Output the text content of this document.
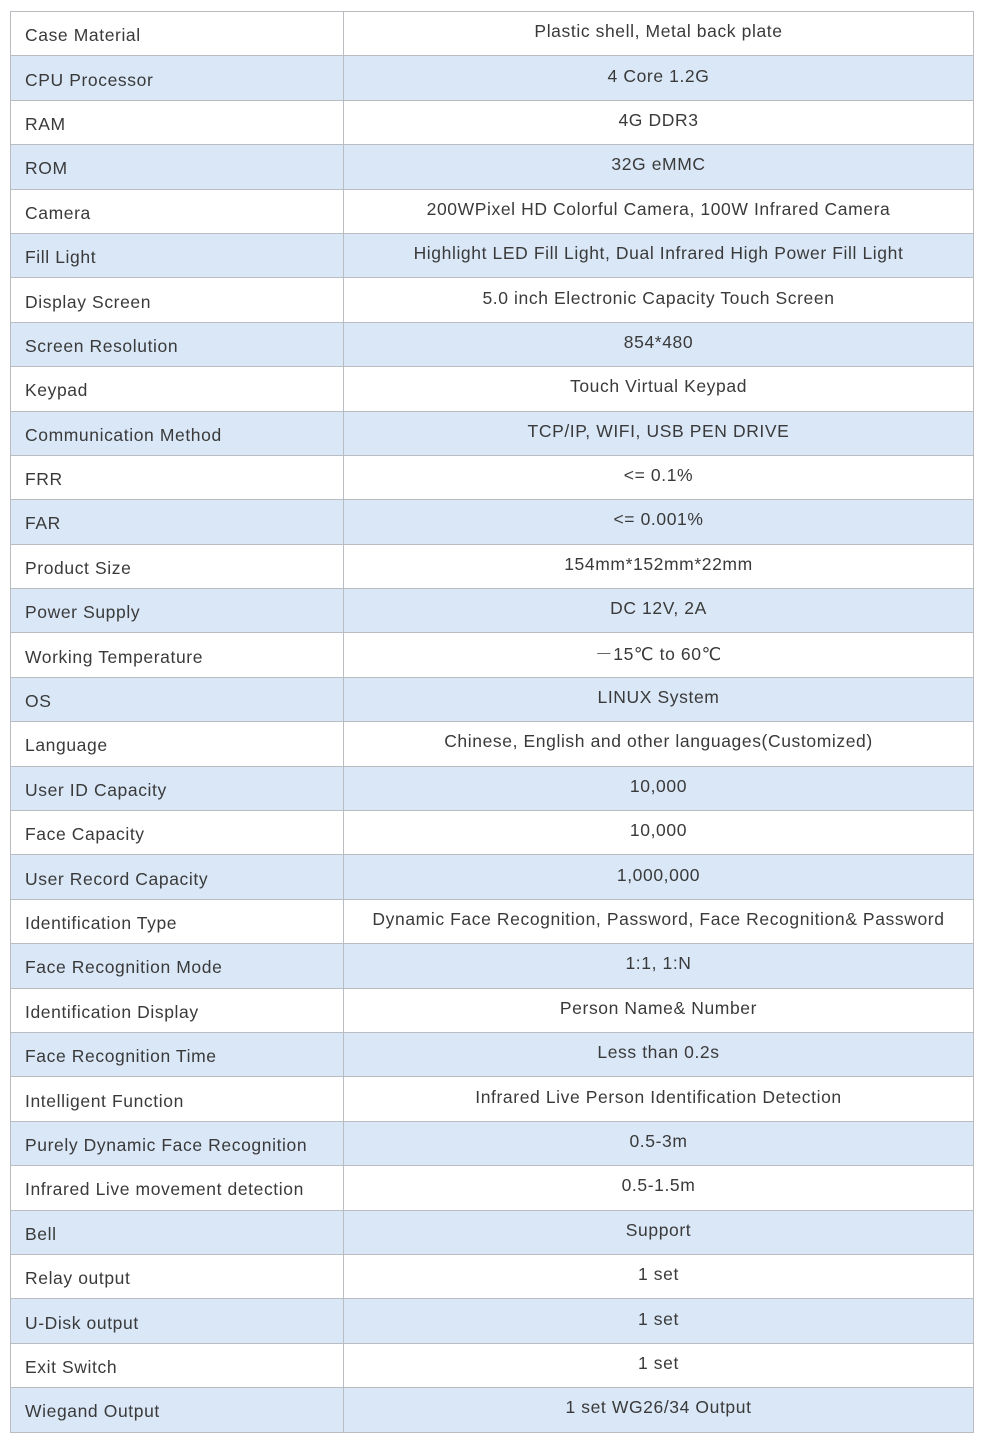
Case Material	Plastic shell, Metal back plate
CPU Processor	4 Core 1.2G
RAM	4G DDR3
ROM	32G eMMC
Camera	200WPixel HD Colorful Camera, 100W Infrared Camera
Fill Light	Highlight LED Fill Light, Dual Infrared High Power Fill Light
Display Screen	5.0 inch Electronic Capacity Touch Screen
Screen Resolution	854*480
Keypad	Touch Virtual Keypad
Communication Method	TCP/IP, WIFI, USB PEN DRIVE
FRR	<= 0.1%
FAR	<= 0.001%
Product Size	154mm*152mm*22mm
Power Supply	DC 12V, 2A
Working Temperature	－15℃ to 60℃
OS	LINUX System
Language	Chinese, English and other languages(Customized)
User ID Capacity	10,000
Face Capacity	10,000
User Record Capacity	1,000,000
Identification Type	Dynamic Face Recognition, Password, Face Recognition& Password
Face Recognition Mode	1:1, 1:N
Identification Display	Person Name& Number
Face Recognition Time	Less than 0.2s
Intelligent Function	Infrared Live Person Identification Detection
Purely Dynamic Face Recognition	0.5-3m
Infrared Live movement detection	0.5-1.5m
Bell	Support
Relay output	1 set
U-Disk output	1 set
Exit Switch	1 set
Wiegand Output	1 set WG26/34 Output
